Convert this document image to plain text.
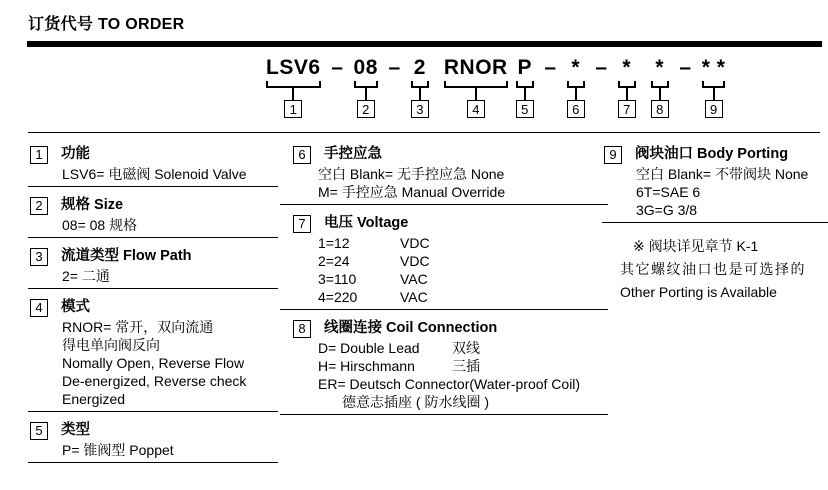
订货代号 TO ORDER
LSV6
1
– 08
2
– 2
3
RNOR
4
P
5
– *
6
– *
7
*
8
– * *
9
1	功能
LSV6= 电磁阀 Solenoid Valve
2	规格 Size
08= 08 规格
3	流道类型 Flow Path
2= 二通
4	模式
RNOR= 常开，双向流通
得电单向阀反向
Nomally Open, Reverse Flow
De-energized, Reverse check
Energized
5	类型
P= 锥阀型 Poppet
6	手控应急
空白 Blank= 无手控应急 None
M= 手控应急 Manual Override
7	电压 Voltage
1=12	VDC
2=24	VDC
3=110	VAC
4=220	VAC
8	线圈连接 Coil Connection
D= Double Lead	双线
H= Hirschmann	三插
ER= Deutsch Connector(Water-proof Coil)
德意志插座 ( 防水线圈 )
9	阀块油口 Body Porting
空白 Blank= 不带阀块 None
6T=SAE 6
3G=G 3/8
※ 阀块详见章节 K-1
其它螺纹油口也是可选择的
Other Porting is Available
